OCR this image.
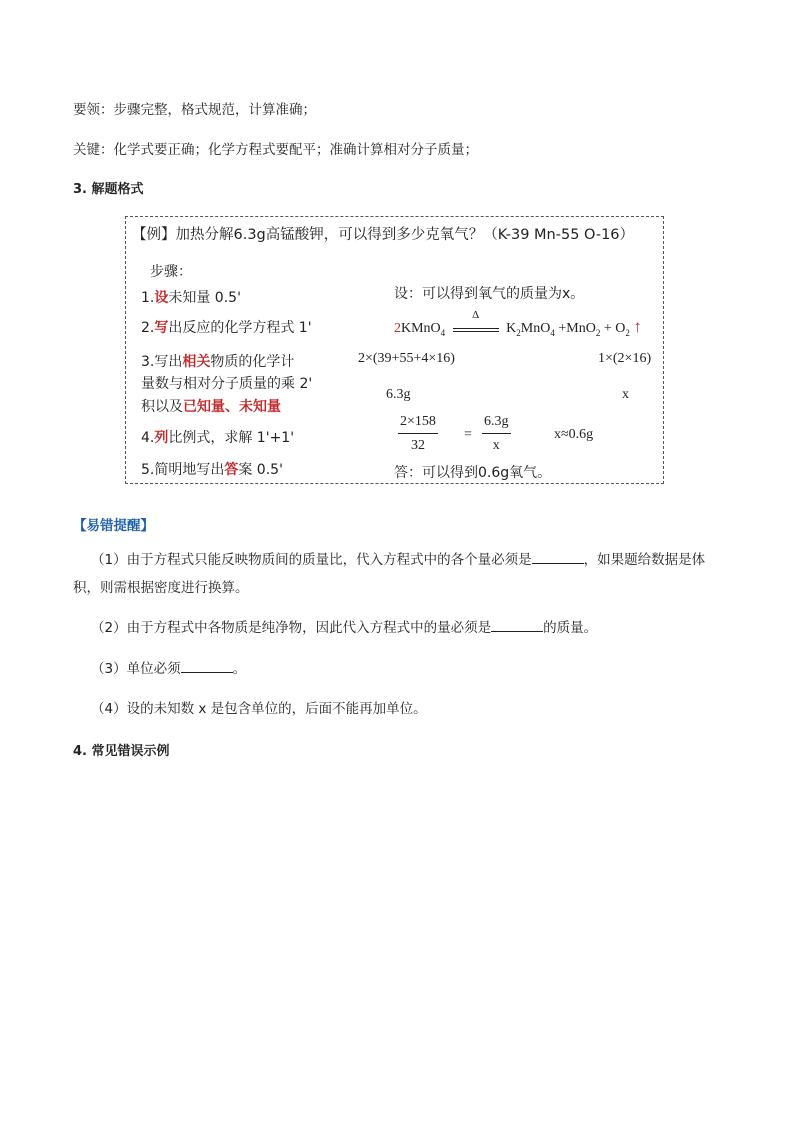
要领：步骤完整，格式规范，计算准确；
关键：化学式要正确；化学方程式要配平；准确计算相对分子质量；
3. 解题格式
【例】加热分解6.3g高锰酸钾，可以得到多少克氧气？（K-39 Mn-55 O-16）
步骤：
1.设未知量 0.5'
2.写出反应的化学方程式 1'
3.写出相关物质的化学计
量数与相对分子质量的乘 2'
积以及已知量、未知量
4.列比例式，求解 1'+1'
5.简明地写出答案 0.5'
设：可以得到氧气的质量为x。
2KMnO$_4$
Δ
$K_2MnO_4 +MnO_2 + O_2$ ↑
2×(39+55+4×16)	1×(2×16)
6.3g	x
2×158
32
=
6.3g
x
x≈0.6g
答：可以得到0.6g氧气。
【易错提醒】
（1）由于方程式只能反映物质间的质量比，代入方程式中的各个量必须是	，如果题给数据是体
积，则需根据密度进行换算。
（2）由于方程式中各物质是纯净物，因此代入方程式中的量必须是	的质量。
（3）单位必须	。
（4）设的未知数 x 是包含单位的，后面不能再加单位。
4. 常见错误示例
